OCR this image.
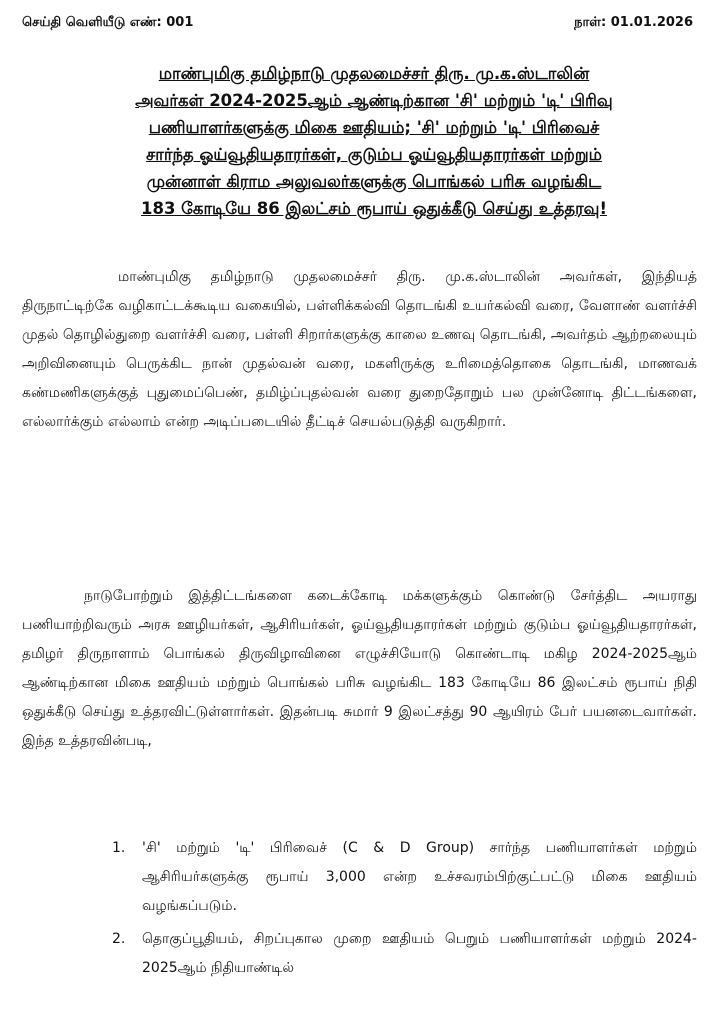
செய்தி வெளியீடு எண்: 001	நாள்: 01.01.2026
மாண்புமிகு தமிழ்நாடு முதலமைச்சர் திரு. மு.க.ஸ்டாலின்
அவர்கள் 2024-2025ஆம் ஆண்டிற்கான 'சி' மற்றும் 'டி' பிரிவு
பணியாளர்களுக்கு மிகை ஊதியம்; 'சி' மற்றும் 'டி' பிரிவைச்
சார்ந்த ஓய்வூதியதாரர்கள், குடும்ப ஓய்வூதியதாரர்கள் மற்றும்
முன்னாள் கிராம அலுவலர்களுக்கு பொங்கல் பரிசு வழங்கிட
183 கோடியே 86 இலட்சம் ரூபாய் ஒதுக்கீடு செய்து உத்தரவு!

மாண்புமிகு தமிழ்நாடு முதலமைச்சர் திரு. மு.க.ஸ்டாலின் அவர்கள், இந்தியத் திருநாட்டிற்கே வழிகாட்டக்கூடிய வகையில், பள்ளிக்கல்வி தொடங்கி உயர்கல்வி வரை, வேளாண் வளர்ச்சி முதல் தொழில்துறை வளர்ச்சி வரை, பள்ளி சிறார்களுக்கு காலை உணவு தொடங்கி, அவர்தம் ஆற்றலையும் அறிவினையும் பெருக்கிட நான் முதல்வன் வரை, மகளிருக்கு உரிமைத்தொகை தொடங்கி, மாணவக் கண்மணிகளுக்குத் புதுமைப்பெண், தமிழ்ப்புதல்வன் வரை துறைதோறும் பல முன்னோடி திட்டங்களை, எல்லார்க்கும் எல்லாம் என்ற அடிப்படையில் தீட்டிச் செயல்படுத்தி வருகிறார்.

நாடுபோற்றும் இத்திட்டங்களை கடைக்கோடி மக்களுக்கும் கொண்டு சேர்த்திட அயராது பணியாற்றிவரும் அரசு ஊழியர்கள், ஆசிரியர்கள், ஓய்வூதியதாரர்கள் மற்றும் குடும்ப ஓய்வூதியதாரர்கள், தமிழர் திருநாளாம் பொங்கல் திருவிழாவினை எழுச்சியோடு கொண்டாடி மகிழ 2024-2025ஆம் ஆண்டிற்கான மிகை ஊதியம் மற்றும் பொங்கல் பரிசு வழங்கிட 183 கோடியே 86 இலட்சம் ரூபாய் நிதி ஒதுக்கீடு செய்து உத்தரவிட்டுள்ளார்கள். இதன்படி சுமார் 9 இலட்சத்து 90 ஆயிரம் பேர் பயனடைவார்கள். இந்த உத்தரவின்படி,

1.	'சி' மற்றும் 'டி' பிரிவைச் (C & D Group) சார்ந்த பணியாளர்கள் மற்றும் ஆசிரியர்களுக்கு ரூபாய் 3,000 என்ற உச்சவரம்பிற்குட்பட்டு மிகை ஊதியம் வழங்கப்படும்.
2.	தொகுப்பூதியம், சிறப்புகால முறை ஊதியம் பெறும் பணியாளர்கள் மற்றும் 2024-2025ஆம் நிதியாண்டில்
